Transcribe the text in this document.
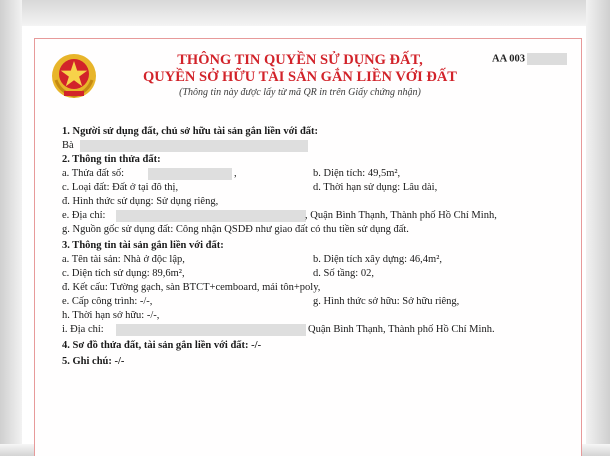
THÔNG TIN QUYỀN SỬ DỤNG ĐẤT,
QUYỀN SỞ HỮU TÀI SẢN GẮN LIỀN VỚI ĐẤT
(Thông tin này được lấy từ mã QR in trên Giấy chứng nhận)
AA 003
1. Người sử dụng đất, chủ sở hữu tài sản gắn liền với đất:
Bà
2. Thông tin thửa đất:
a. Thửa đất số:	,	b. Diện tích: 49,5m²,
c. Loại đất: Đất ở tại đô thị,	d. Thời hạn sử dụng: Lâu dài,
đ. Hình thức sử dụng: Sử dụng riêng,
e. Địa chỉ:	, Quận Bình Thạnh, Thành phố Hồ Chí Minh,
g. Nguồn gốc sử dụng đất: Công nhận QSDĐ như giao đất có thu tiền sử dụng đất.
3. Thông tin tài sản gắn liền với đất:
a. Tên tài sản: Nhà ở độc lập,	b. Diện tích xây dựng: 46,4m²,
c. Diện tích sử dụng: 89,6m²,	d. Số tầng: 02,
đ. Kết cấu: Tường gạch, sàn BTCT+cemboard, mái tôn+poly,
e. Cấp công trình: -/-,	g. Hình thức sở hữu: Sở hữu riêng,
h. Thời hạn sở hữu: -/-,
i. Địa chỉ:	Quận Bình Thạnh, Thành phố Hồ Chí Minh.
4. Sơ đồ thửa đất, tài sản gắn liền với đất: -/-
5. Ghi chú: -/-
